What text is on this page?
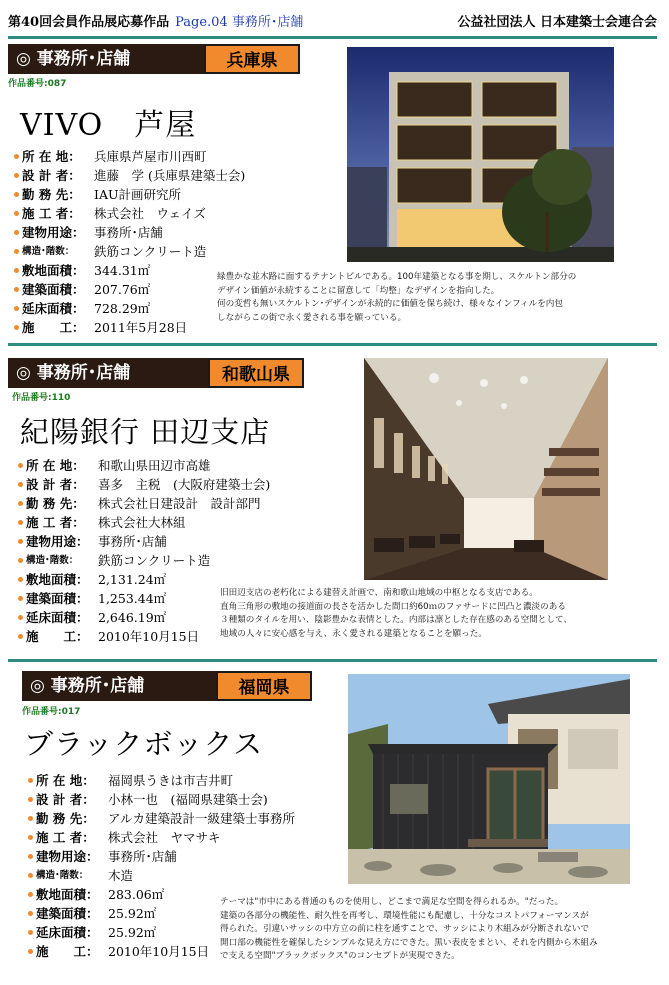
第40回会員作品展応募作品 Page.04 事務所･店舗	公益社団法人 日本建築士会連合会
◎ 事務所･店舗	兵庫県
作品番号:087
VIVO　芦屋
所 在 地： 兵庫県芦屋市川西町
設 計 者： 進藤　学 (兵庫県建築士会)
勤 務 先： IAU計画研究所
施 工 者： 株式会社　ウェイズ
建物用途： 事務所･店舗
構造･階数： 鉄筋コンクリート造
敷地面積： 344.31㎡
建築面積： 207.76㎡
延床面積： 728.29㎡
施　　工： 2011年5月28日
緑豊かな並木路に面するテナントビルである。100年建築となる事を期し、スケルトン部分の
デザイン価値が永続することに留意して「均整」なデザインを指向した。
何の変哲も無いスケルトン･デザインが永続的に価値を保ち続け、様々なインフィルを内包
しながらこの街で永く愛される事を願っている。
◎ 事務所･店舗	和歌山県
作品番号:110
紀陽銀行 田辺支店
所 在 地： 和歌山県田辺市高雄
設 計 者： 喜多　主税　(大阪府建築士会)
勤 務 先： 株式会社日建設計　設計部門
施 工 者： 株式会社大林組
建物用途： 事務所･店舗
構造･階数： 鉄筋コンクリート造
敷地面積： 2,131.24㎡
建築面積： 1,253.44㎡
延床面積： 2,646.19㎡
施　　工： 2010年10月15日
旧田辺支店の老朽化による建替え計画で、南和歌山地域の中枢となる支店である。
直角三角形の敷地の接道面の長さを活かした間口約60ｍのファサードに凹凸と濃淡のある
３種類のタイルを用い、陰影豊かな表情とした。内部は凛とした存在感のある空間として、
地域の人々に安心感を与え、永く愛される建築となることを願った。
◎ 事務所･店舗	福岡県
作品番号:017
ブラックボックス
所 在 地： 福岡県うきは市吉井町
設 計 者： 小林一也　(福岡県建築士会)
勤 務 先： アルカ建築設計一級建築士事務所
施 工 者： 株式会社　ヤマサキ
建物用途： 事務所･店舗
構造･階数： 木造
敷地面積： 283.06㎡
建築面積： 25.92㎡
延床面積： 25.92㎡
施　　工： 2010年10月15日
テーマは"市中にある普通のものを使用し、どこまで満足な空間を得られるか。"だった。
建築の各部分の機能性、耐久性を再考し、環境性能にも配慮し、十分なコストパフォーマンスが
得られた。引違いサッシの中方立の前に柱を通すことで、サッシにより木組みが分断されないで
開口部の機能性を確保したシンプルな見え方にできた。黒い表皮をまとい、それを内側から木組み
で支える空間"ブラックボックス"のコンセプトが実現できた。
